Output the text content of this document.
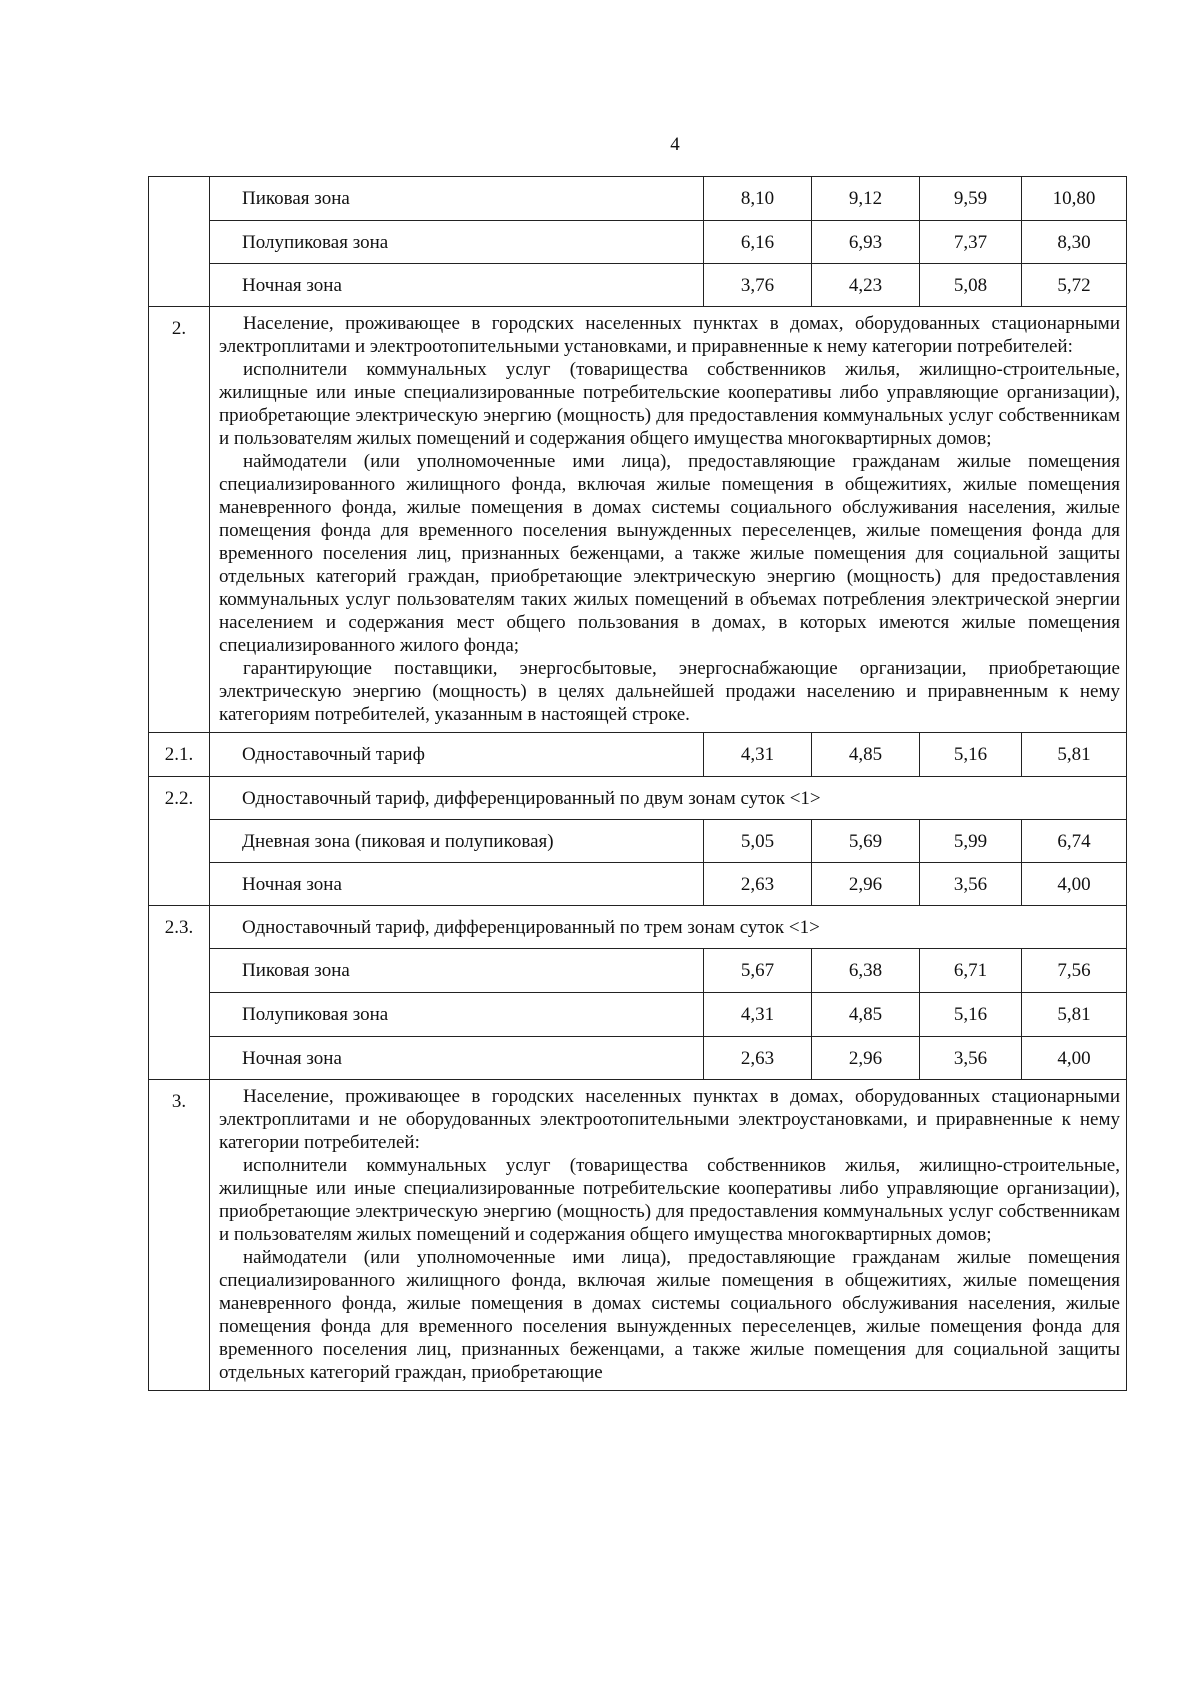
4
	Пиковая зона	8,10	9,12	9,59	10,80
	Полупиковая зона	6,16	6,93	7,37	8,30
	Ночная зона	3,76	4,23	5,08	5,72
2.	Население, проживающее в городских населенных пунктах в домах, оборудованных стационарными электроплитами и электроотопительными установками, и приравненные к нему категории потребителей:

исполнители коммунальных услуг (товарищества собственников жилья, жилищно-строительные, жилищные или иные специализированные потребительские кооперативы либо управляющие организации), приобретающие электрическую энергию (мощность) для предоставления коммунальных услуг собственникам и пользователям жилых помещений и содержания общего имущества многоквартирных домов;

наймодатели (или уполномоченные ими лица), предоставляющие гражданам жилые помещения специализированного жилищного фонда, включая жилые помещения в общежитиях, жилые помещения маневренного фонда, жилые помещения в домах системы социального обслуживания населения, жилые помещения фонда для временного поселения вынужденных переселенцев, жилые помещения фонда для временного поселения лиц, признанных беженцами, а также жилые помещения для социальной защиты отдельных категорий граждан, приобретающие электрическую энергию (мощность) для предоставления коммунальных услуг пользователям таких жилых помещений в объемах потребления электрической энергии населением и содержания мест общего пользования в домах, в которых имеются жилые помещения специализированного жилого фонда;

гарантирующие поставщики, энергосбытовые, энергоснабжающие организации, приобретающие электрическую энергию (мощность) в целях дальнейшей продажи населению и приравненным к нему категориям потребителей, указанным в настоящей строке.				

2.1.	Одноставочный тариф	4,31	4,85	5,16	5,81
2.2.	Одноставочный тариф, дифференцированный по двум зонам суток <1>				
	Дневная зона (пиковая и полупиковая)	5,05	5,69	5,99	6,74
	Ночная зона	2,63	2,96	3,56	4,00
2.3.	Одноставочный тариф, дифференцированный по трем зонам суток <1>				
	Пиковая зона	5,67	6,38	6,71	7,56
	Полупиковая зона	4,31	4,85	5,16	5,81
	Ночная зона	2,63	2,96	3,56	4,00
3.	Население, проживающее в городских населенных пунктах в домах, оборудованных стационарными электроплитами и не оборудованных электроотопительными электроустановками, и приравненные к нему категории потребителей:

исполнители коммунальных услуг (товарищества собственников жилья, жилищно-строительные, жилищные или иные специализированные потребительские кооперативы либо управляющие организации), приобретающие электрическую энергию (мощность) для предоставления коммунальных услуг собственникам и пользователям жилых помещений и содержания общего имущества многоквартирных домов;

наймодатели (или уполномоченные ими лица), предоставляющие гражданам жилые помещения специализированного жилищного фонда, включая жилые помещения в общежитиях, жилые помещения маневренного фонда, жилые помещения в домах системы социального обслуживания населения, жилые помещения фонда для временного поселения вынужденных переселенцев, жилые помещения фонда для временного поселения лиц, признанных беженцами, а также жилые помещения для социальной защиты отдельных категорий граждан, приобретающие				
